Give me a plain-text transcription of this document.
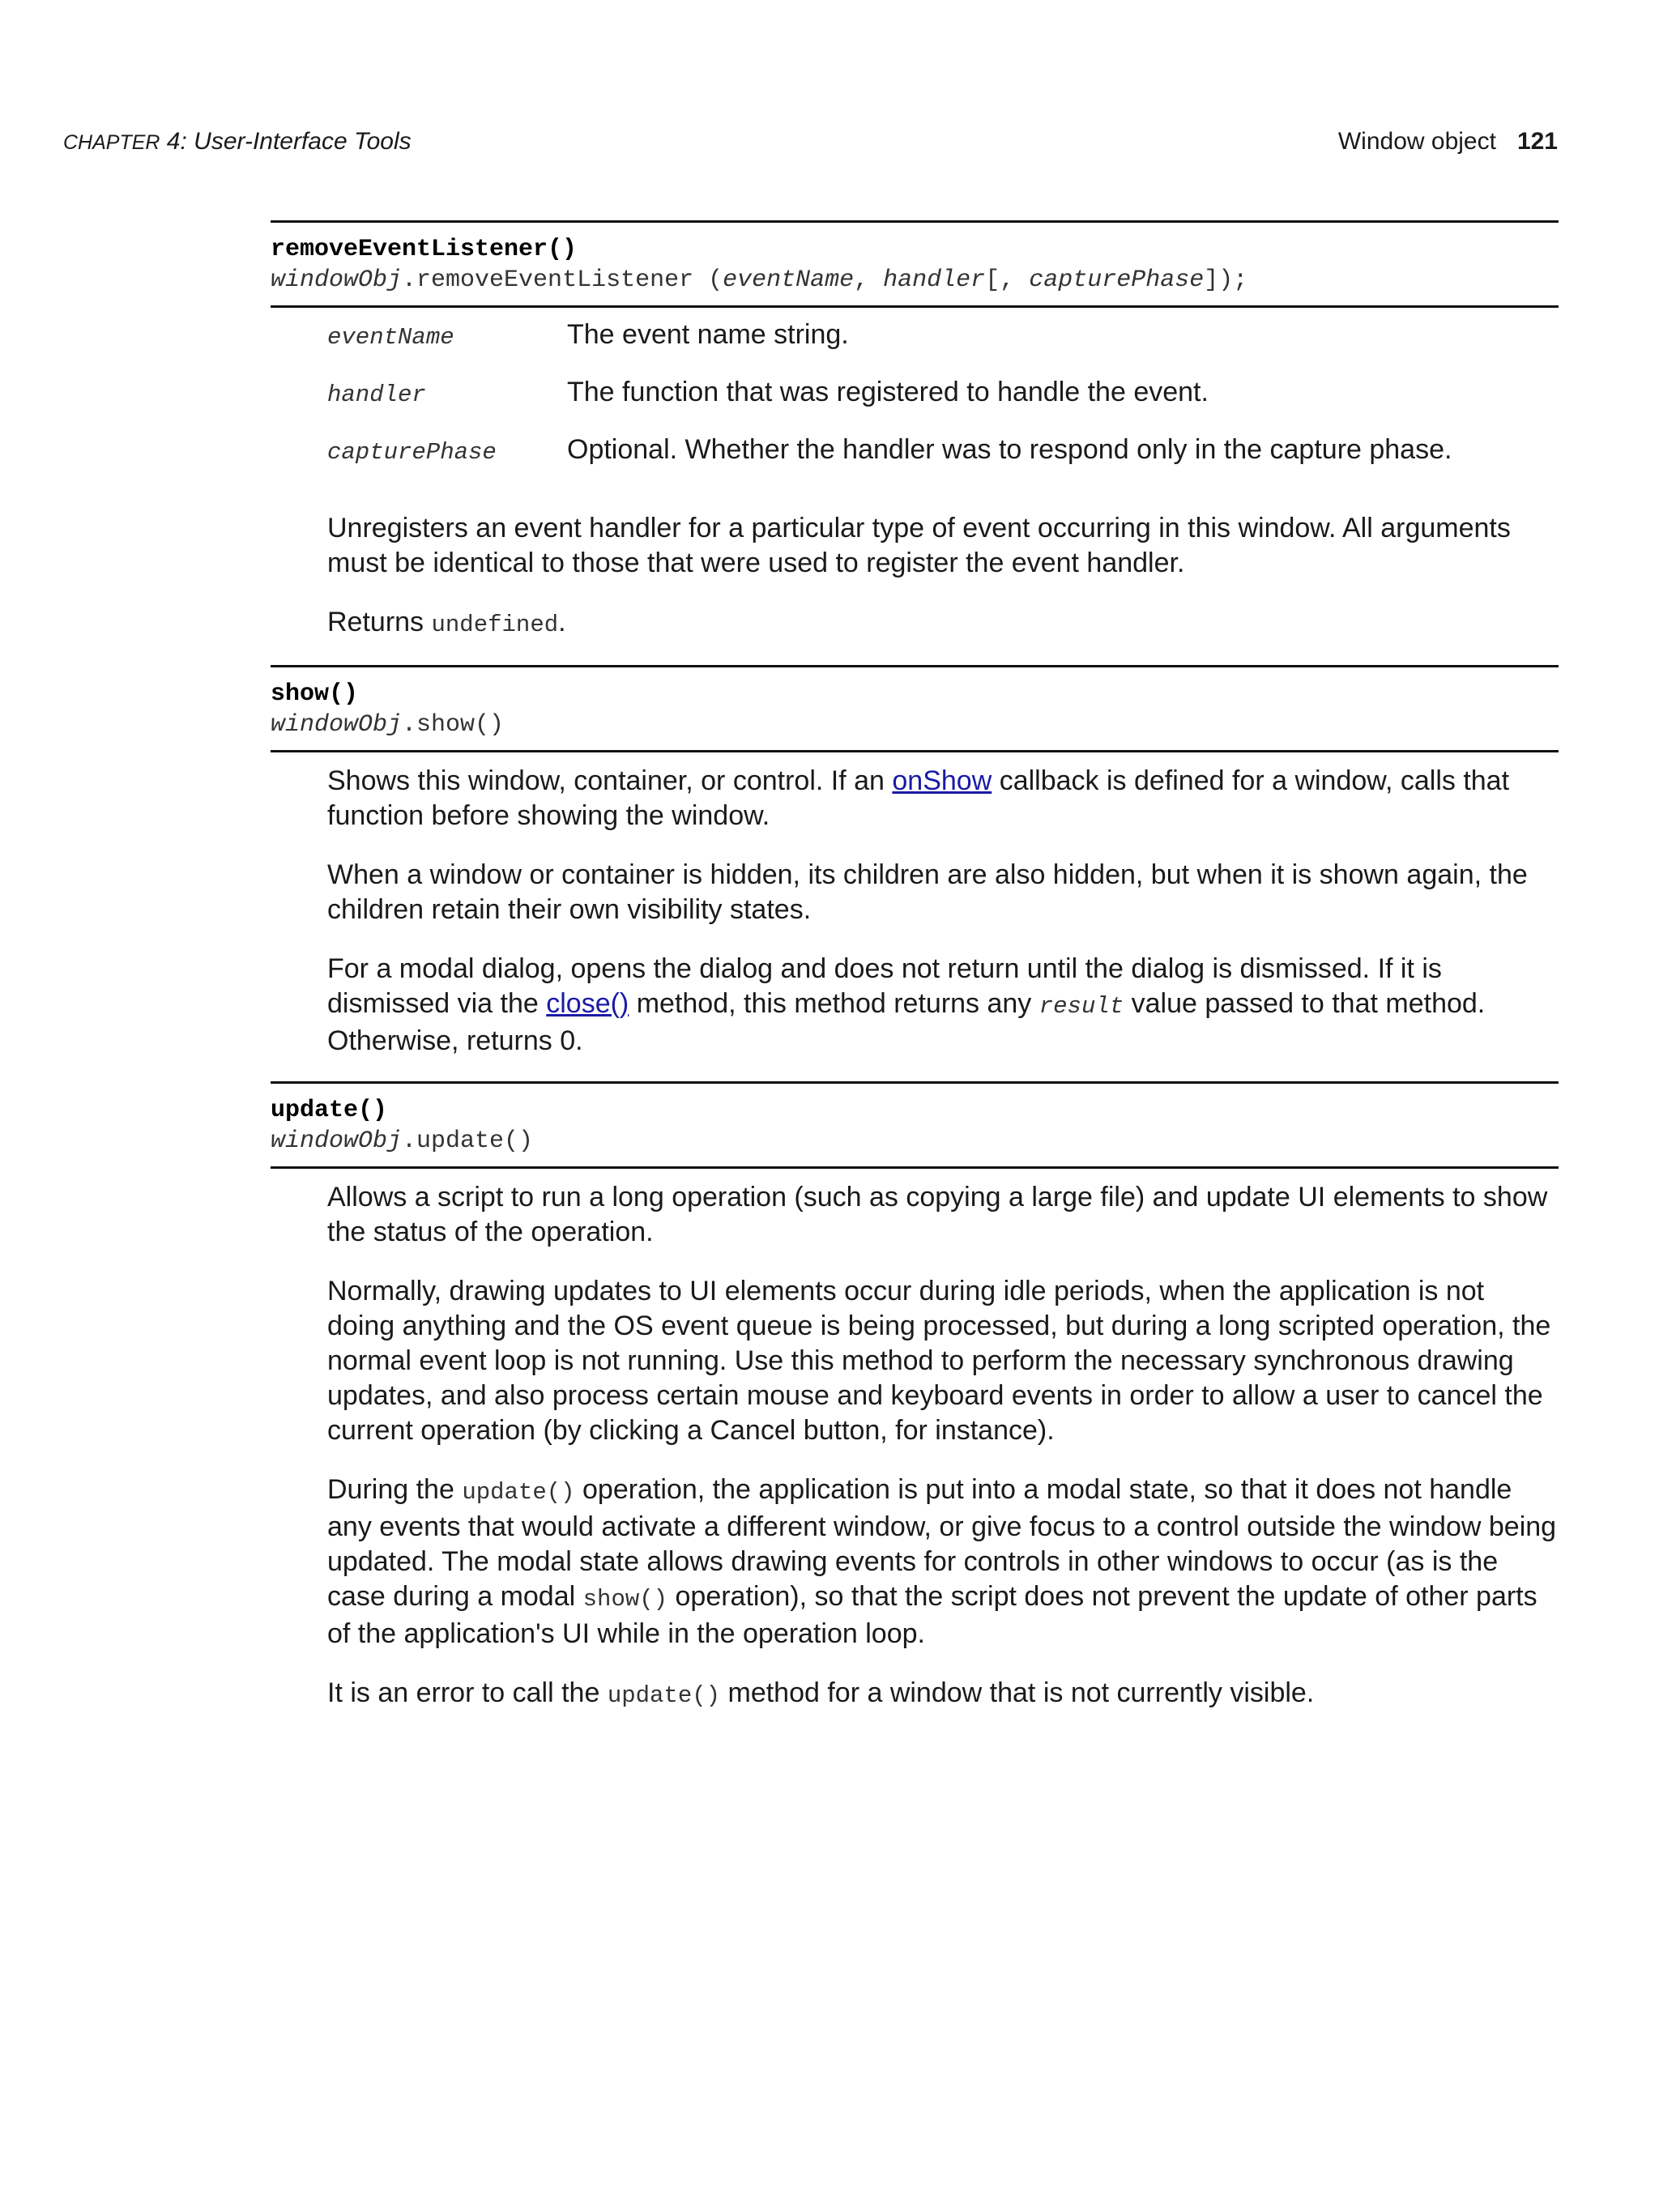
CHAPTER 4: User-Interface Tools	Window object 121
removeEventListener()
windowObj.removeEventListener (eventName, handler[, capturePhase]);
eventName	The event name string.
handler	The function that was registered to handle the event.
capturePhase	Optional. Whether the handler was to respond only in the capture phase.

Unregisters an event handler for a particular type of event occurring in this window. All arguments must be identical to those that were used to register the event handler.

Returns undefined.

show()
windowObj.show()

Shows this window, container, or control. If an onShow callback is defined for a window, calls that function before showing the window.

When a window or container is hidden, its children are also hidden, but when it is shown again, the children retain their own visibility states.

For a modal dialog, opens the dialog and does not return until the dialog is dismissed. If it is dismissed via the close() method, this method returns any result value passed to that method. Otherwise, returns 0.

update()
windowObj.update()

Allows a script to run a long operation (such as copying a large file) and update UI elements to show the status of the operation.

Normally, drawing updates to UI elements occur during idle periods, when the application is not doing anything and the OS event queue is being processed, but during a long scripted operation, the normal event loop is not running. Use this method to perform the necessary synchronous drawing updates, and also process certain mouse and keyboard events in order to allow a user to cancel the current operation (by clicking a Cancel button, for instance).

During the update() operation, the application is put into a modal state, so that it does not handle any events that would activate a different window, or give focus to a control outside the window being updated. The modal state allows drawing events for controls in other windows to occur (as is the case during a modal show() operation), so that the script does not prevent the update of other parts of the application's UI while in the operation loop.

It is an error to call the update() method for a window that is not currently visible.
